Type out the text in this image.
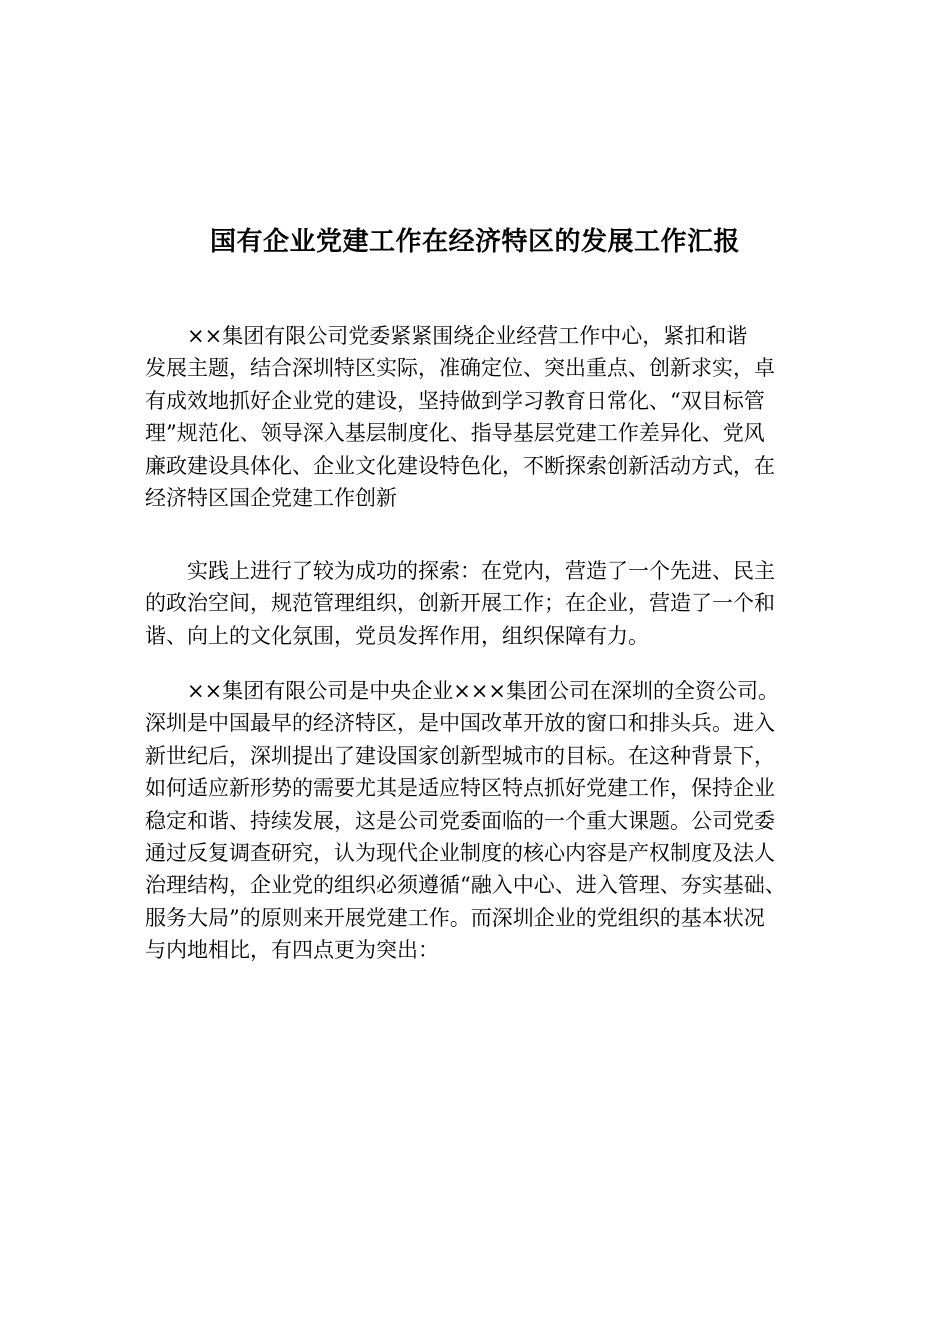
国有企业党建工作在经济特区的发展工作汇报
××集团有限公司党委紧紧围绕企业经营工作中心，紧扣和谐
发展主题，结合深圳特区实际，准确定位、突出重点、创新求实，卓
有成效地抓好企业党的建设，坚持做到学习教育日常化、“双目标管
理”规范化、领导深入基层制度化、指导基层党建工作差异化、党风
廉政建设具体化、企业文化建设特色化，不断探索创新活动方式，在
经济特区国企党建工作创新
实践上进行了较为成功的探索：在党内，营造了一个先进、民主
的政治空间，规范管理组织，创新开展工作；在企业，营造了一个和
谐、向上的文化氛围，党员发挥作用，组织保障有力。
××集团有限公司是中央企业×××集团公司在深圳的全资公司。
深圳是中国最早的经济特区，是中国改革开放的窗口和排头兵。进入
新世纪后，深圳提出了建设国家创新型城市的目标。在这种背景下，
如何适应新形势的需要尤其是适应特区特点抓好党建工作，保持企业
稳定和谐、持续发展，这是公司党委面临的一个重大课题。公司党委
通过反复调查研究，认为现代企业制度的核心内容是产权制度及法人
治理结构，企业党的组织必须遵循“融入中心、进入管理、夯实基础、
服务大局”的原则来开展党建工作。而深圳企业的党组织的基本状况
与内地相比，有四点更为突出：
